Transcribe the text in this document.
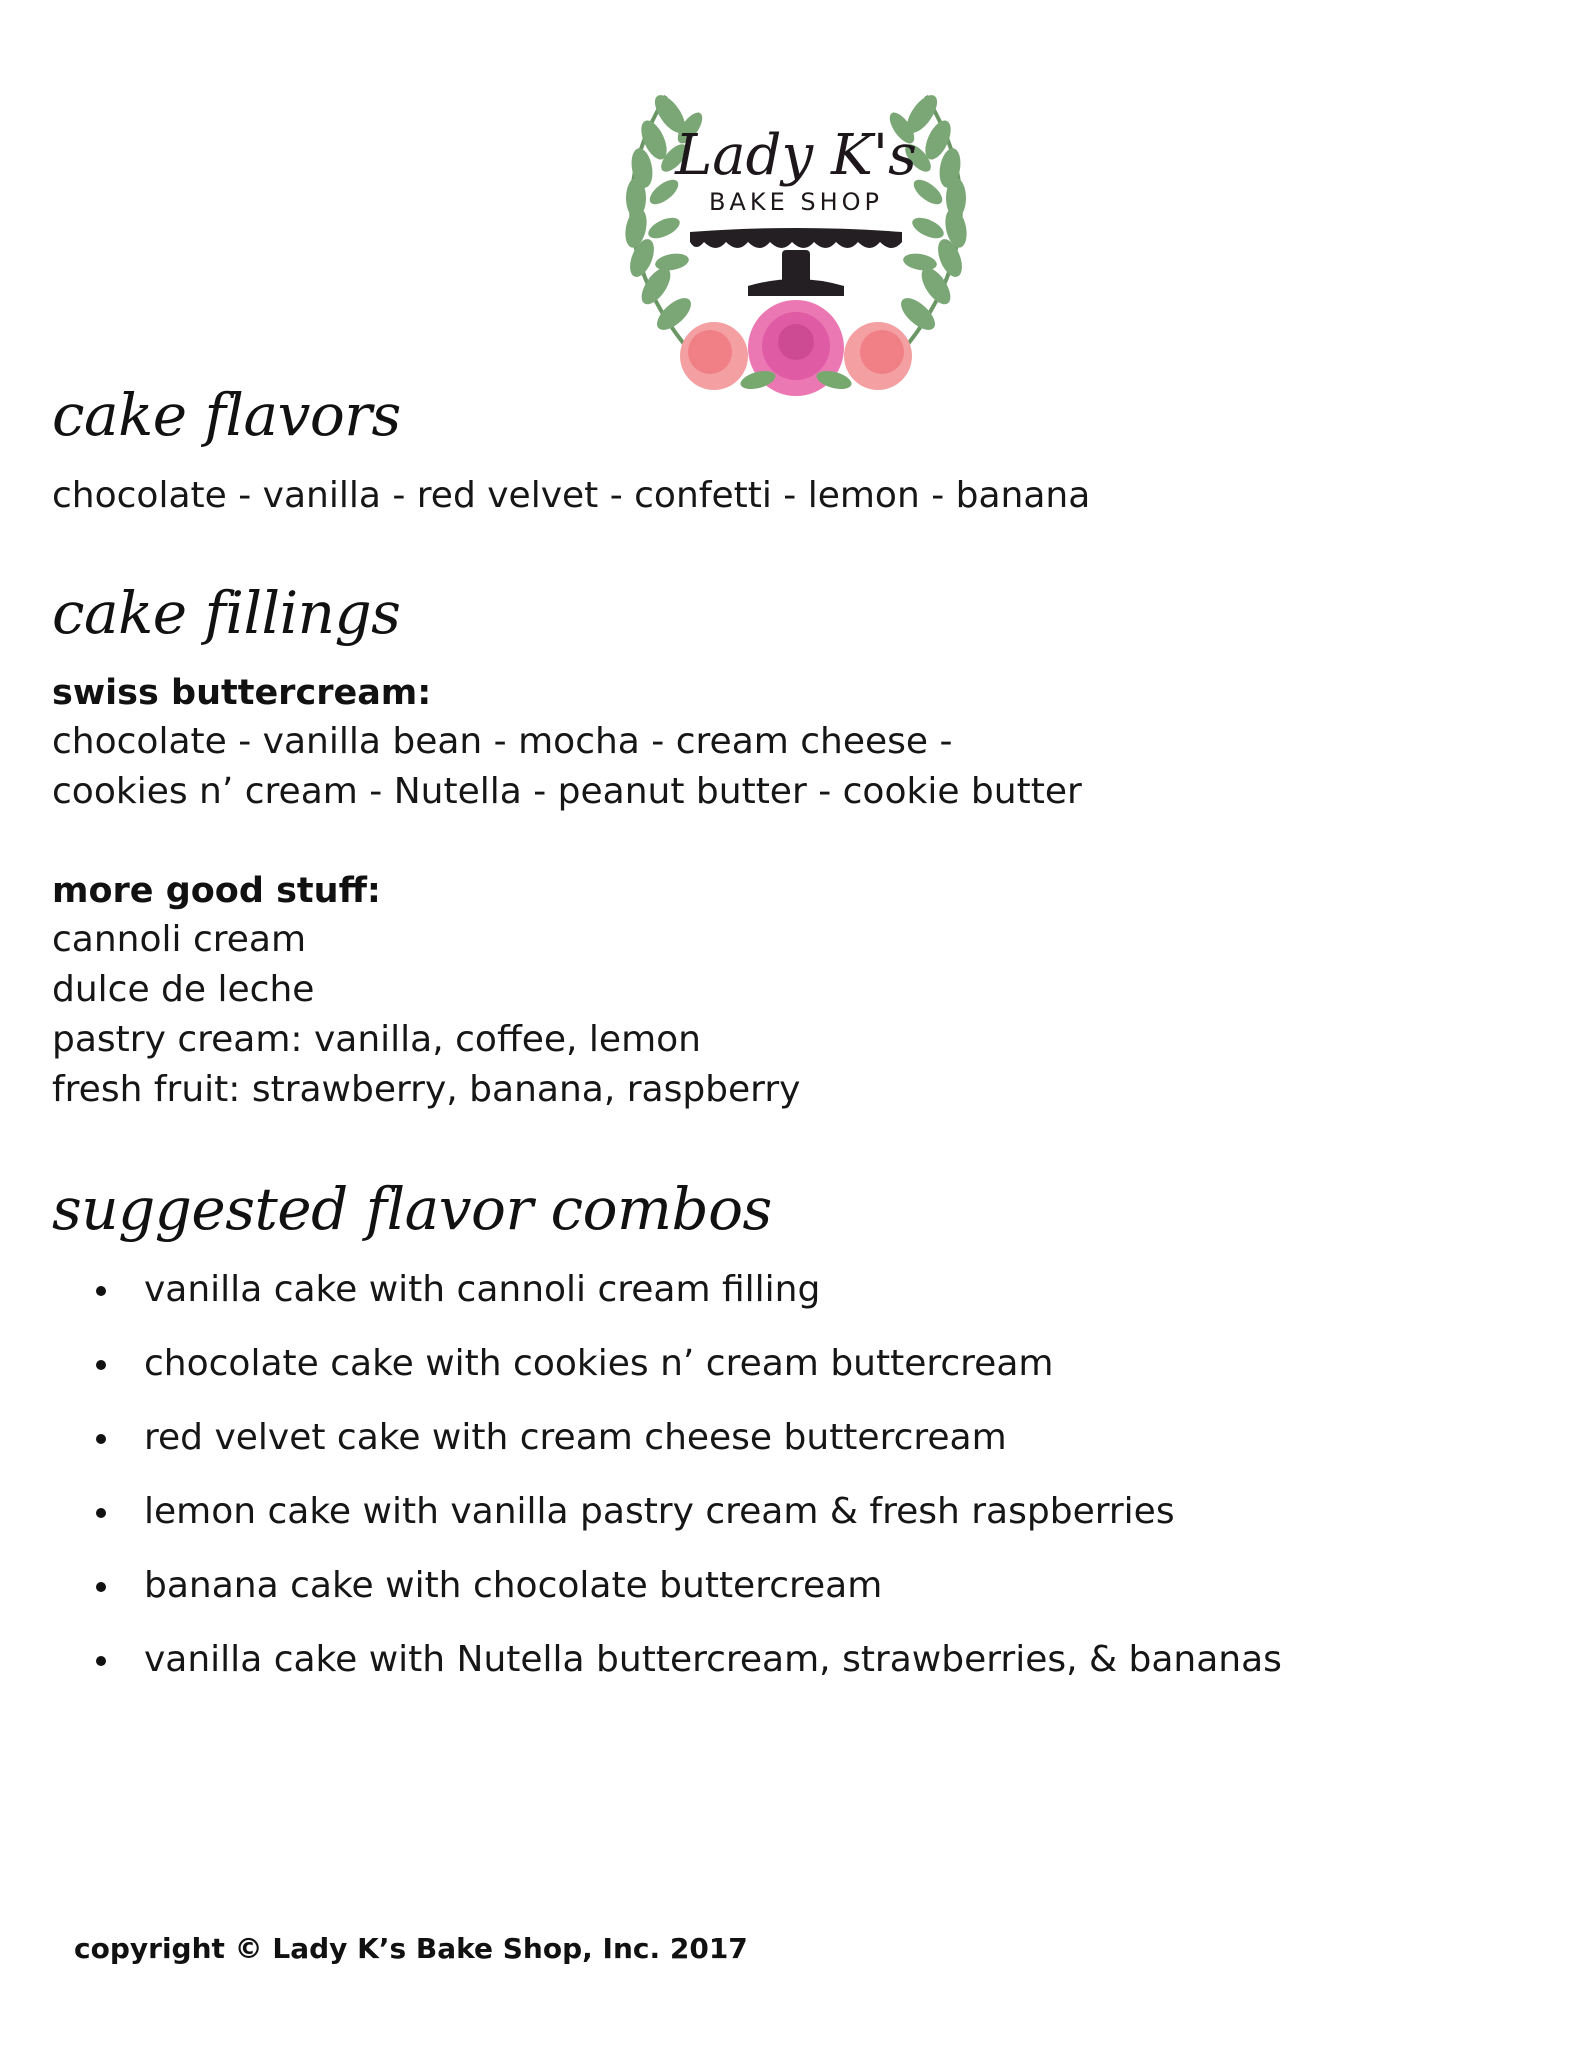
Lady K's
BAKE SHOP
cake flavors
chocolate - vanilla - red velvet - confetti - lemon - banana
cake fillings
swiss buttercream:
chocolate - vanilla bean - mocha - cream cheese -
cookies n’ cream - Nutella - peanut butter - cookie butter
more good stuff:
cannoli cream
dulce de leche
pastry cream: vanilla, coffee, lemon
fresh fruit: strawberry, banana, raspberry
suggested flavor combos
vanilla cake with cannoli cream filling
chocolate cake with cookies n’ cream buttercream
red velvet cake with cream cheese buttercream
lemon cake with vanilla pastry cream & fresh raspberries
banana cake with chocolate buttercream
vanilla cake with Nutella buttercream, strawberries, & bananas
copyright © Lady K’s Bake Shop, Inc. 2017
